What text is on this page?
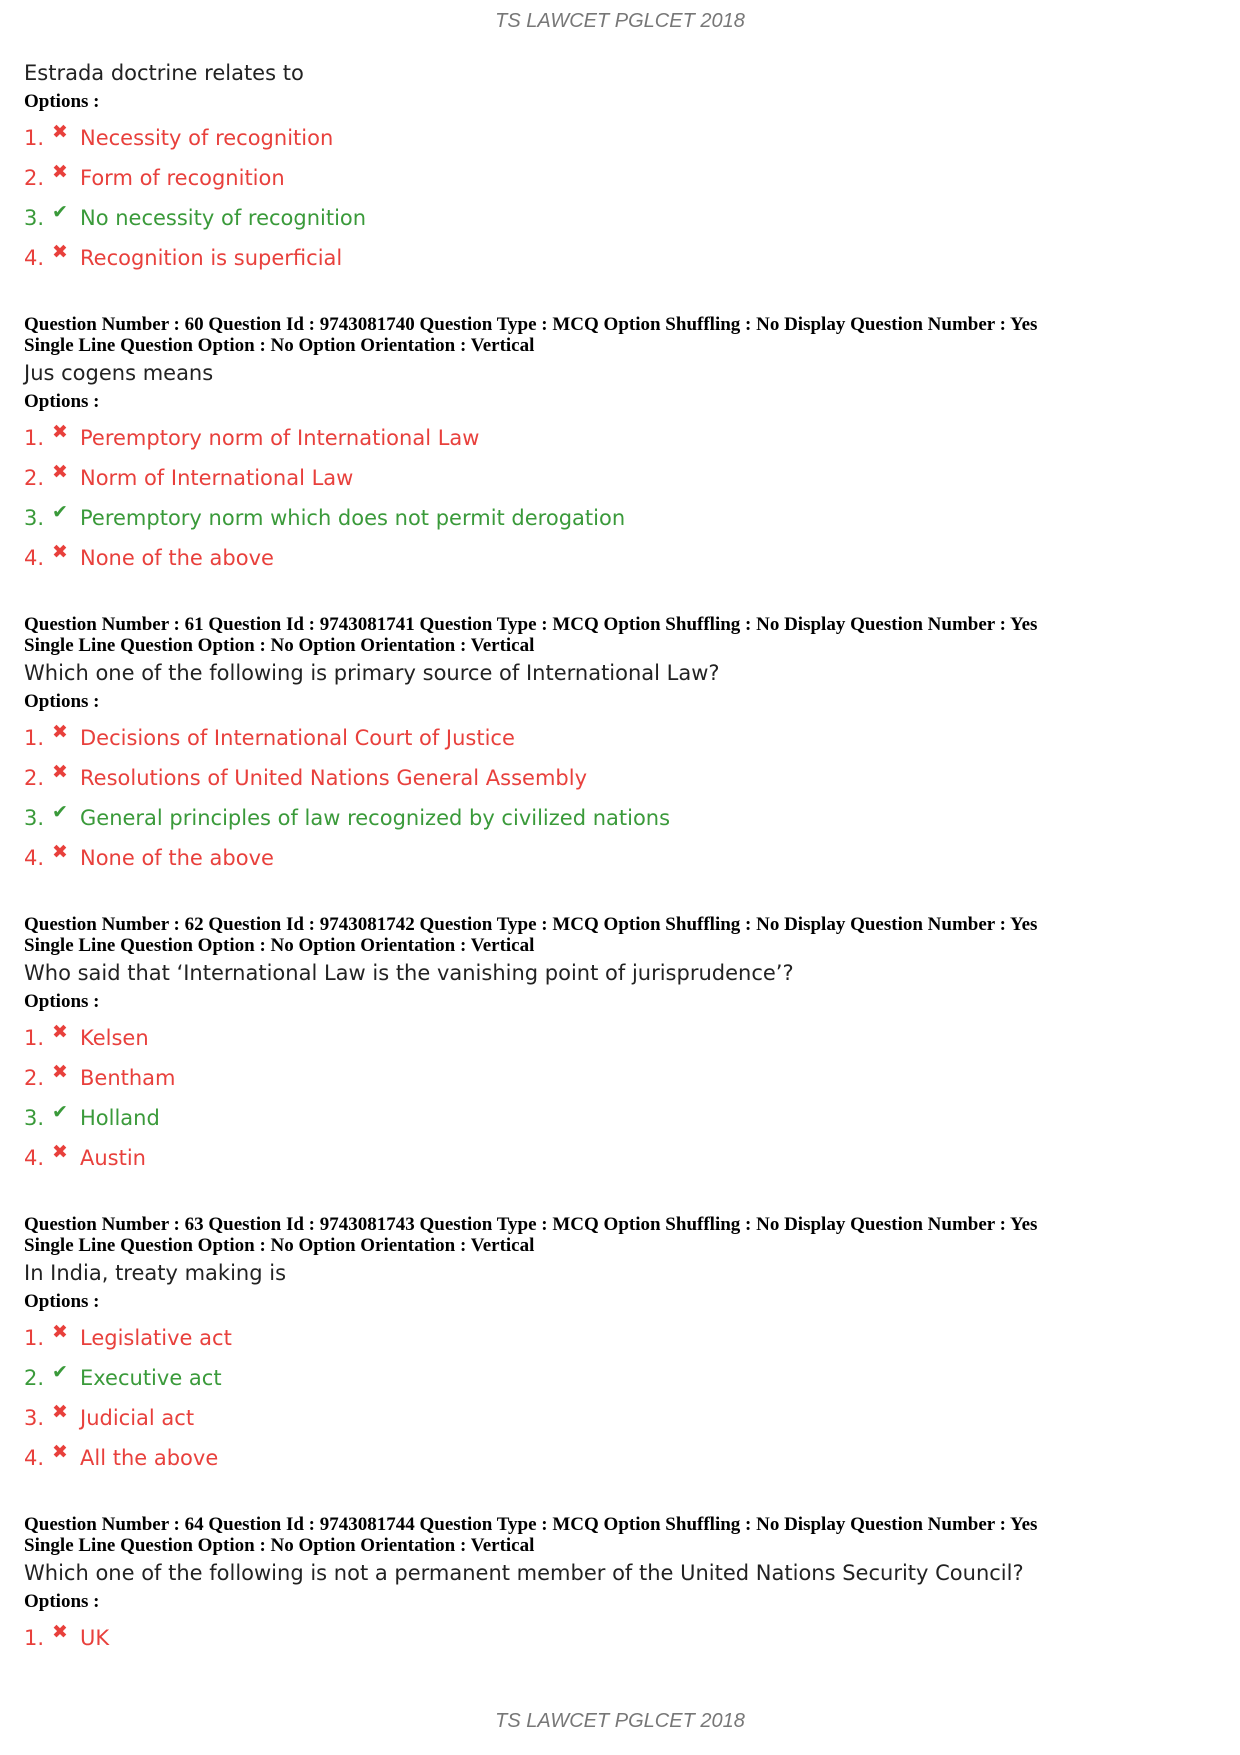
TS LAWCET PGLCET 2018
Estrada doctrine relates to
Options :
1. ✖ Necessity of recognition
2. ✖ Form of recognition
3. ✔ No necessity of recognition
4. ✖ Recognition is superficial
Question Number : 60 Question Id : 9743081740 Question Type : MCQ Option Shuffling : No Display Question Number : Yes
Single Line Question Option : No Option Orientation : Vertical
Jus cogens means
Options :
1. ✖ Peremptory norm of International Law
2. ✖ Norm of International Law
3. ✔ Peremptory norm which does not permit derogation
4. ✖ None of the above
Question Number : 61 Question Id : 9743081741 Question Type : MCQ Option Shuffling : No Display Question Number : Yes
Single Line Question Option : No Option Orientation : Vertical
Which one of the following is primary source of International Law?
Options :
1. ✖ Decisions of International Court of Justice
2. ✖ Resolutions of United Nations General Assembly
3. ✔ General principles of law recognized by civilized nations
4. ✖ None of the above
Question Number : 62 Question Id : 9743081742 Question Type : MCQ Option Shuffling : No Display Question Number : Yes
Single Line Question Option : No Option Orientation : Vertical
Who said that ‘International Law is the vanishing point of jurisprudence’?
Options :
1. ✖ Kelsen
2. ✖ Bentham
3. ✔ Holland
4. ✖ Austin
Question Number : 63 Question Id : 9743081743 Question Type : MCQ Option Shuffling : No Display Question Number : Yes
Single Line Question Option : No Option Orientation : Vertical
In India, treaty making is
Options :
1. ✖ Legislative act
2. ✔ Executive act
3. ✖ Judicial act
4. ✖ All the above
Question Number : 64 Question Id : 9743081744 Question Type : MCQ Option Shuffling : No Display Question Number : Yes
Single Line Question Option : No Option Orientation : Vertical
Which one of the following is not a permanent member of the United Nations Security Council?
Options :
1. ✖ UK
TS LAWCET PGLCET 2018
